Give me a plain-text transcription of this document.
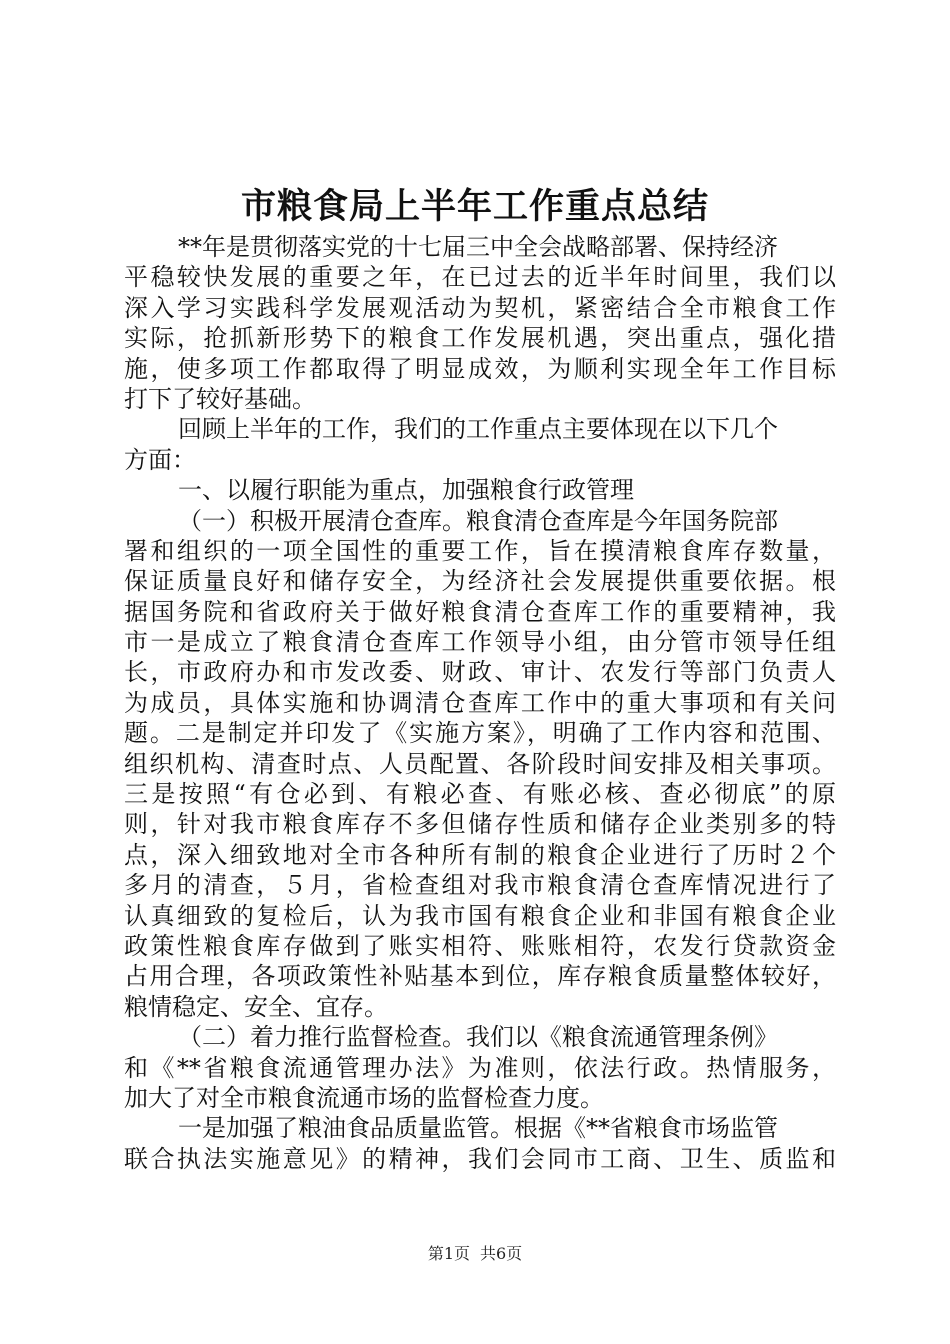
市粮食局上半年工作重点总结
**年是贯彻落实党的十七届三中全会战略部署、保持经济
平稳较快发展的重要之年，在已过去的近半年时间里，我们以
深入学习实践科学发展观活动为契机，紧密结合全市粮食工作
实际，抢抓新形势下的粮食工作发展机遇，突出重点，强化措
施，使多项工作都取得了明显成效，为顺利实现全年工作目标
打下了较好基础。
回顾上半年的工作，我们的工作重点主要体现在以下几个
方面：
一、以履行职能为重点，加强粮食行政管理
（一）积极开展清仓查库。粮食清仓查库是今年国务院部
署和组织的一项全国性的重要工作，旨在摸清粮食库存数量，
保证质量良好和储存安全，为经济社会发展提供重要依据。根
据国务院和省政府关于做好粮食清仓查库工作的重要精神，我
市一是成立了粮食清仓查库工作领导小组，由分管市领导任组
长，市政府办和市发改委、财政、审计、农发行等部门负责人
为成员，具体实施和协调清仓查库工作中的重大事项和有关问
题。二是制定并印发了《实施方案》，明确了工作内容和范围、
组织机构、清查时点、人员配置、各阶段时间安排及相关事项。
三是按照“有仓必到、有粮必查、有账必核、查必彻底”的原
则，针对我市粮食库存不多但储存性质和储存企业类别多的特
点，深入细致地对全市各种所有制的粮食企业进行了历时２个
多月的清查，５月，省检查组对我市粮食清仓查库情况进行了
认真细致的复检后，认为我市国有粮食企业和非国有粮食企业
政策性粮食库存做到了账实相符、账账相符，农发行贷款资金
占用合理，各项政策性补贴基本到位，库存粮食质量整体较好，
粮情稳定、安全、宜存。
（二）着力推行监督检查。我们以《粮食流通管理条例》
和《**省粮食流通管理办法》为准则，依法行政。热情服务，
加大了对全市粮食流通市场的监督检查力度。
一是加强了粮油食品质量监管。根据《**省粮食市场监管
联合执法实施意见》的精神，我们会同市工商、卫生、质监和
第1页 共6页
